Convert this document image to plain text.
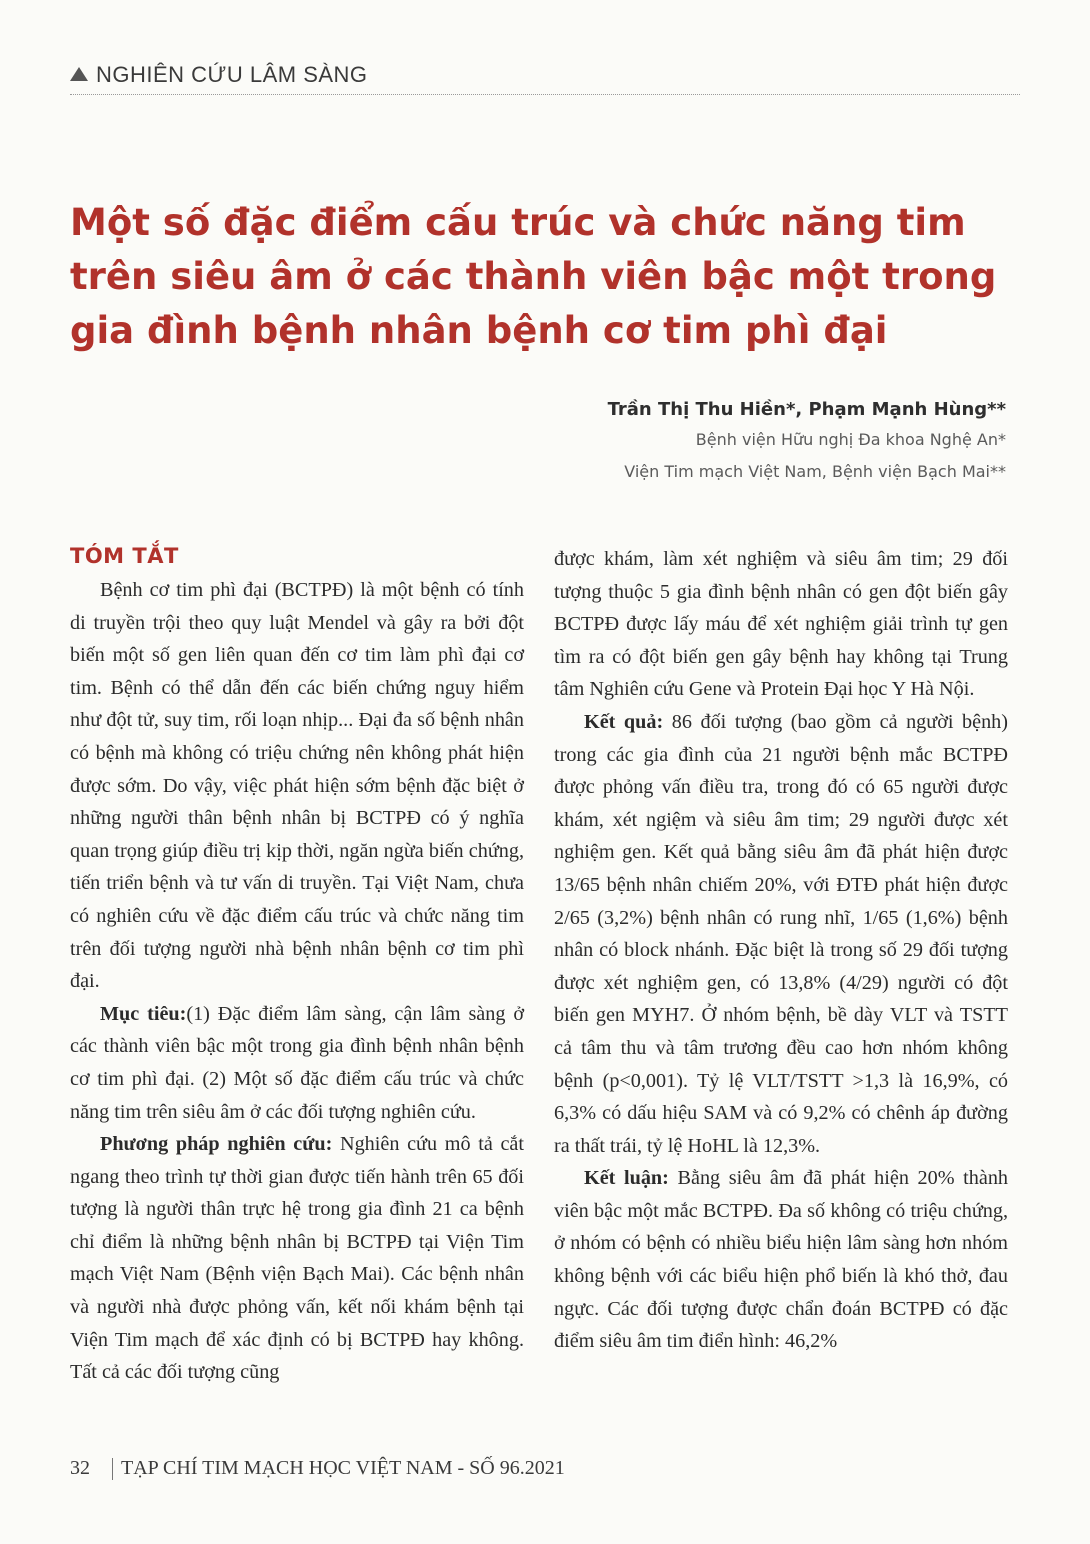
NGHIÊN CỨU LÂM SÀNG
Một số đặc điểm cấu trúc và chức năng tim trên siêu âm ở các thành viên bậc một trong gia đình bệnh nhân bệnh cơ tim phì đại
Trần Thị Thu Hiền*, Phạm Mạnh Hùng**
Bệnh viện Hữu nghị Đa khoa Nghệ An*
Viện Tim mạch Việt Nam, Bệnh viện Bạch Mai**
TÓM TẮT

Bệnh cơ tim phì đại (BCTPĐ) là một bệnh có tính di truyền trội theo quy luật Mendel và gây ra bởi đột biến một số gen liên quan đến cơ tim làm phì đại cơ tim. Bệnh có thể dẫn đến các biến chứng nguy hiểm như đột tử, suy tim, rối loạn nhịp... Đại đa số bệnh nhân có bệnh mà không có triệu chứng nên không phát hiện được sớm. Do vậy, việc phát hiện sớm bệnh đặc biệt ở những người thân bệnh nhân bị BCTPĐ có ý nghĩa quan trọng giúp điều trị kịp thời, ngăn ngừa biến chứng, tiến triển bệnh và tư vấn di truyền. Tại Việt Nam, chưa có nghiên cứu về đặc điểm cấu trúc và chức năng tim trên đối tượng người nhà bệnh nhân bệnh cơ tim phì đại.

Mục tiêu:(1) Đặc điểm lâm sàng, cận lâm sàng ở các thành viên bậc một trong gia đình bệnh nhân bệnh cơ tim phì đại. (2) Một số đặc điểm cấu trúc và chức năng tim trên siêu âm ở các đối tượng nghiên cứu.

Phương pháp nghiên cứu: Nghiên cứu mô tả cắt ngang theo trình tự thời gian được tiến hành trên 65 đối tượng là người thân trực hệ trong gia đình 21 ca bệnh chỉ điểm là những bệnh nhân bị BCTPĐ tại Viện Tim mạch Việt Nam (Bệnh viện Bạch Mai). Các bệnh nhân và người nhà được phỏng vấn, kết nối khám bệnh tại Viện Tim mạch để xác định có bị BCTPĐ hay không. Tất cả các đối tượng cũng

được khám, làm xét nghiệm và siêu âm tim; 29 đối tượng thuộc 5 gia đình bệnh nhân có gen đột biến gây BCTPĐ được lấy máu để xét nghiệm giải trình tự gen tìm ra có đột biến gen gây bệnh hay không tại Trung tâm Nghiên cứu Gene và Protein Đại học Y Hà Nội.

Kết quả: 86 đối tượng (bao gồm cả người bệnh) trong các gia đình của 21 người bệnh mắc BCTPĐ được phỏng vấn điều tra, trong đó có 65 người được khám, xét ngiệm và siêu âm tim; 29 người được xét nghiệm gen. Kết quả bằng siêu âm đã phát hiện được 13/65 bệnh nhân chiếm 20%, với ĐTĐ phát hiện được 2/65 (3,2%) bệnh nhân có rung nhĩ, 1/65 (1,6%) bệnh nhân có block nhánh. Đặc biệt là trong số 29 đối tượng được xét nghiệm gen, có 13,8% (4/29) người có đột biến gen MYH7. Ở nhóm bệnh, bề dày VLT và TSTT cả tâm thu và tâm trương đều cao hơn nhóm không bệnh (p<0,001). Tỷ lệ VLT/TSTT >1,3 là 16,9%, có 6,3% có dấu hiệu SAM và có 9,2% có chênh áp đường ra thất trái, tỷ lệ HoHL là 12,3%.

Kết luận: Bằng siêu âm đã phát hiện 20% thành viên bậc một mắc BCTPĐ. Đa số không có triệu chứng, ở nhóm có bệnh có nhiều biểu hiện lâm sàng hơn nhóm không bệnh với các biểu hiện phổ biến là khó thở, đau ngực. Các đối tượng được chẩn đoán BCTPĐ có đặc điểm siêu âm tim điển hình: 46,2%

32 TẠP CHÍ TIM MẠCH HỌC VIỆT NAM - SỐ 96.2021
